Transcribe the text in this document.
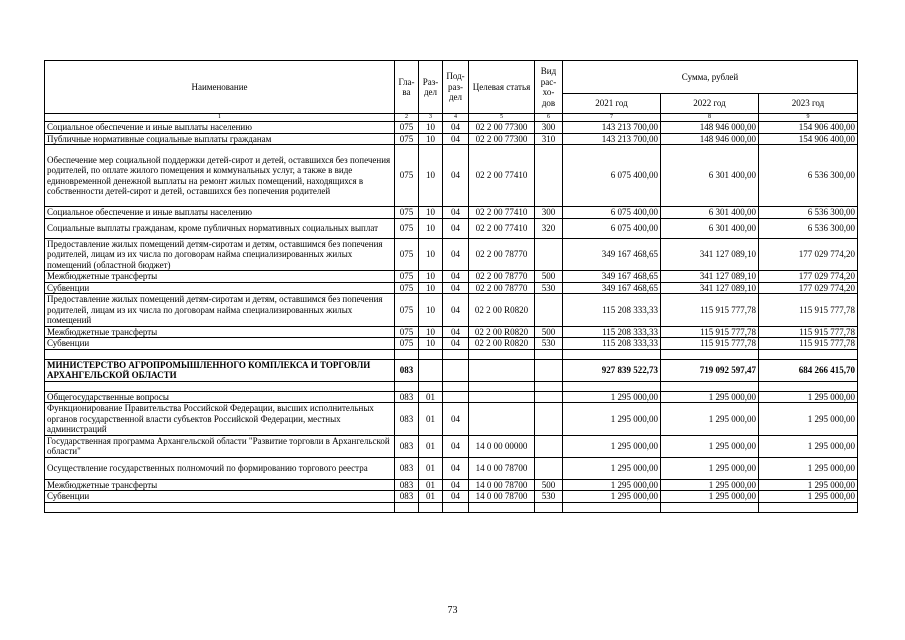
Наименование	Гла-ва	Раз-дел	Под-раз-дел	Целевая статья	Вид рас-хо-дов	Сумма, рублей		
						2021 год	2022 год	2023 год
1	2	3	4	5	6	7	8	9
Социальное обеспечение и иные выплаты населению	075	10	04	02 2 00 77300	300	143 213 700,00	148 946 000,00	154 906 400,00
Публичные нормативные социальные выплаты гражданам	075	10	04	02 2 00 77300	310	143 213 700,00	148 946 000,00	154 906 400,00
Обеспечение мер социальной поддержки детей-сирот и детей, оставшихся без попечения родителей, по оплате жилого помещения и коммунальных услуг, а также в виде единовременной денежной выплаты на ремонт жилых помещений, находящихся в собственности детей-сирот и детей, оставшихся без попечения родителей	075	10	04	02 2 00 77410		6 075 400,00	6 301 400,00	6 536 300,00
Социальное обеспечение и иные выплаты населению	075	10	04	02 2 00 77410	300	6 075 400,00	6 301 400,00	6 536 300,00
Социальные выплаты гражданам, кроме публичных нормативных социальных выплат	075	10	04	02 2 00 77410	320	6 075 400,00	6 301 400,00	6 536 300,00
Предоставление жилых помещений детям-сиротам и детям, оставшимся без попечения родителей, лицам из их числа по договорам найма специализированных жилых помещений (областной бюджет)	075	10	04	02 2 00 78770		349 167 468,65	341 127 089,10	177 029 774,20
Межбюджетные трансферты	075	10	04	02 2 00 78770	500	349 167 468,65	341 127 089,10	177 029 774,20
Субвенции	075	10	04	02 2 00 78770	530	349 167 468,65	341 127 089,10	177 029 774,20
Предоставление жилых помещений детям-сиротам и детям, оставшимся без попечения родителей, лицам из их числа по договорам найма специализированных жилых помещений	075	10	04	02 2 00 R0820		115 208 333,33	115 915 777,78	115 915 777,78
Межбюджетные трансферты	075	10	04	02 2 00 R0820	500	115 208 333,33	115 915 777,78	115 915 777,78
Субвенции	075	10	04	02 2 00 R0820	530	115 208 333,33	115 915 777,78	115 915 777,78

МИНИСТЕРСТВО АГРОПРОМЫШЛЕННОГО КОМПЛЕКСА И ТОРГОВЛИ АРХАНГЕЛЬСКОЙ ОБЛАСТИ	083					927 839 522,73	719 092 597,47	684 266 415,70

Общегосударственные вопросы	083	01				1 295 000,00	1 295 000,00	1 295 000,00
Функционирование Правительства Российской Федерации, высших исполнительных органов государственной власти субъектов Российской Федерации, местных администраций	083	01	04			1 295 000,00	1 295 000,00	1 295 000,00
Государственная программа Архангельской области "Развитие торговли в Архангельской области"	083	01	04	14 0 00 00000		1 295 000,00	1 295 000,00	1 295 000,00
Осуществление государственных полномочий по формированию торгового реестра	083	01	04	14 0 00 78700		1 295 000,00	1 295 000,00	1 295 000,00
Межбюджетные трансферты	083	01	04	14 0 00 78700	500	1 295 000,00	1 295 000,00	1 295 000,00
Субвенции	083	01	04	14 0 00 78700	530	1 295 000,00	1 295 000,00	1 295 000,00

73
